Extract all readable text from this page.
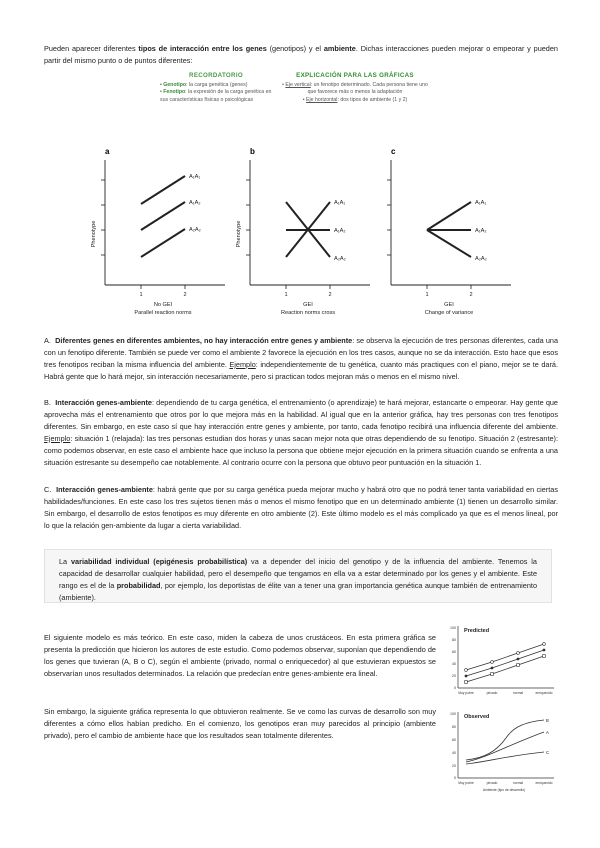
Pueden aparecer diferentes tipos de interacción entre los genes (genotipos) y el ambiente. Dichas interacciones pueden mejorar o empeorar y pueden partir del mismo punto o de puntos diferentes:

RECORDATORIO

• Genotipo: la carga genética (genes)

• Fenotipo: la expresión de la carga genética en sus características físicas o psicológicas

EXPLICACIÓN PARA LAS GRÁFICAS

• Eje vertical: un fenotipo determinado. Cada persona tiene uno que favorece más o menos la adaptación

• Eje horizontal: dos tipos de ambiente (1 y 2)

a
Phenotype
1	2
No GEI
Parallel reaction norms
A₁A₁
A₁A₂
A₂A₂
b
Phenotype
1	2
GEI
Reaction norms cross
A₁A₁
A₁A₂
A₂A₂
c
1	2
GEI
Change of variance
A₁A₁
A₁A₂
A₂A₂

A. Diferentes genes en diferentes ambientes, no hay interacción entre genes y ambiente: se observa la ejecución de tres personas diferentes, cada una con un fenotipo diferente. También se puede ver como el ambiente 2 favorece la ejecución en los tres casos, aunque no se da interacción. Esto hace que esos tres fenotipos reciban la misma influencia del ambiente. Ejemplo: independientemente de tu genética, cuanto más practiques con el piano, mejor se te dará. Habrá gente que lo hará mejor, sin interacción necesariamente, pero si practican todos mejoran más o menos en el mismo nivel.

B. Interacción genes-ambiente: dependiendo de tu carga genética, el entrenamiento (o aprendizaje) te hará mejorar, estancarte o empeorar. Hay gente que aprovecha más el entrenamiento que otros por lo que mejora más en la habilidad. Al igual que en la anterior gráfica, hay tres personas con tres fenotipos diferentes. Sin embargo, en este caso sí que hay interacción entre genes y ambiente, por tanto, cada fenotipo recibirá una influencia diferente del ambiente. Ejemplo: situación 1 (relajada): las tres personas estudian dos horas y unas sacan mejor nota que otras dependiendo de su fenotipo. Situación 2 (estresante): como podemos observar, en este caso el ambiente hace que incluso la persona que obtiene mejor ejecución en la primera situación cuando se enfrenta a una situación estresante su desempeño cae notablemente. Al contrario ocurre con la persona que obtuvo peor puntuación en la situación 1.

C. Interacción genes-ambiente: habrá gente que por su carga genética pueda mejorar mucho y habrá otro que no podrá tener tanta variabilidad en ciertas habilidades/funciones. En este caso los tres sujetos tienen más o menos el mismo fenotipo que en un determinado ambiente (1) tienen un desarrollo similar. Sin embargo, el desarrollo de estos fenotipos es muy diferente en otro ambiente (2). Este último modelo es el más complicado ya que es el menos lineal, por lo que la relación gen-ambiente da lugar a cierta variabilidad.

La variabilidad individual (epigénesis probabilística) va a depender del inicio del genotipo y de la influencia del ambiente. Tenemos la capacidad de desarrollar cualquier habilidad, pero el desempeño que tengamos en ella va a estar determinado por los genes y el ambiente. Este rango es el de la probabilidad, por ejemplo, los deportistas de élite van a tener una gran importancia genética aunque también de entrenamiento (ambiente).

El siguiente modelo es más teórico. En este caso, miden la cabeza de unos crustáceos. En esta primera gráfica se presenta la predicción que hicieron los autores de este estudio. Como podemos observar, suponían que dependiendo de los genes que tuvieran (A, B o C), según el ambiente (privado, normal o enriquecedor) al que estuvieran expuestos se observarían unos resultados determinados. La relación que predecían entre genes-ambiente era lineal.

Sin embargo, la siguiente gráfica representa lo que obtuvieron realmente. Se ve como las curvas de desarrollo son muy diferentes a cómo ellos habían predicho. En el comienzo, los genotipos eran muy parecidos al principio (ambiente privado), pero el cambio de ambiente hace que los resultados sean totalmente diferentes.

Predicted
100
80
60
40
20
0
Muy pobre	privado	normal	enriquecido
Observed
100
80
60
40
20
0
B
A
C
Muy pobre	privado	normal	enriquecido
Ambiente (tipo de desarrollo)
